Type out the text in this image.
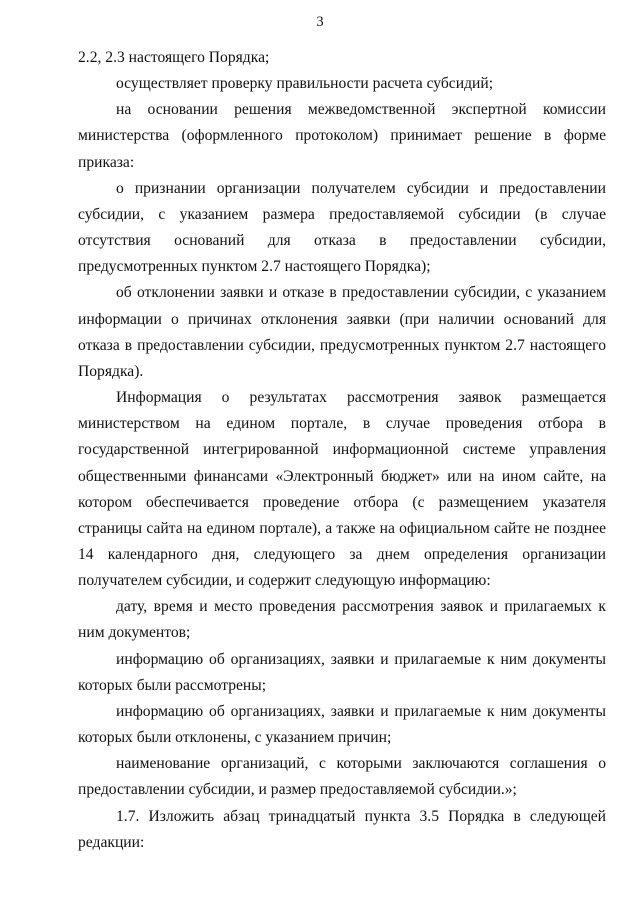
3

2.2, 2.3 настоящего Порядка;

осуществляет проверку правильности расчета субсидий;

на основании решения межведомственной экспертной комиссии министерства (оформленного протоколом) принимает решение в форме приказа:

о признании организации получателем субсидии и предоставлении субсидии, с указанием размера предоставляемой субсидии (в случае отсутствия оснований для отказа в предоставлении субсидии, предусмотренных пунктом 2.7 настоящего Порядка);

об отклонении заявки и отказе в предоставлении субсидии, с указанием информации о причинах отклонения заявки (при наличии оснований для отказа в предоставлении субсидии, предусмотренных пунктом 2.7 настоящего Порядка).

Информация о результатах рассмотрения заявок размещается министерством на едином портале, в случае проведения отбора в государственной интегрированной информационной системе управления общественными финансами «Электронный бюджет» или на ином сайте, на котором обеспечивается проведение отбора (с размещением указателя страницы сайта на едином портале), а также на официальном сайте не позднее 14 календарного дня, следующего за днем определения организации получателем субсидии, и содержит следующую информацию:

дату, время и место проведения рассмотрения заявок и прилагаемых к ним документов;

информацию об организациях, заявки и прилагаемые к ним документы которых были рассмотрены;

информацию об организациях, заявки и прилагаемые к ним документы которых были отклонены, с указанием причин;

наименование организаций, с которыми заключаются соглашения о предоставлении субсидии, и размер предоставляемой субсидии.»;

1.7. Изложить абзац тринадцатый пункта 3.5 Порядка в следующей редакции:
